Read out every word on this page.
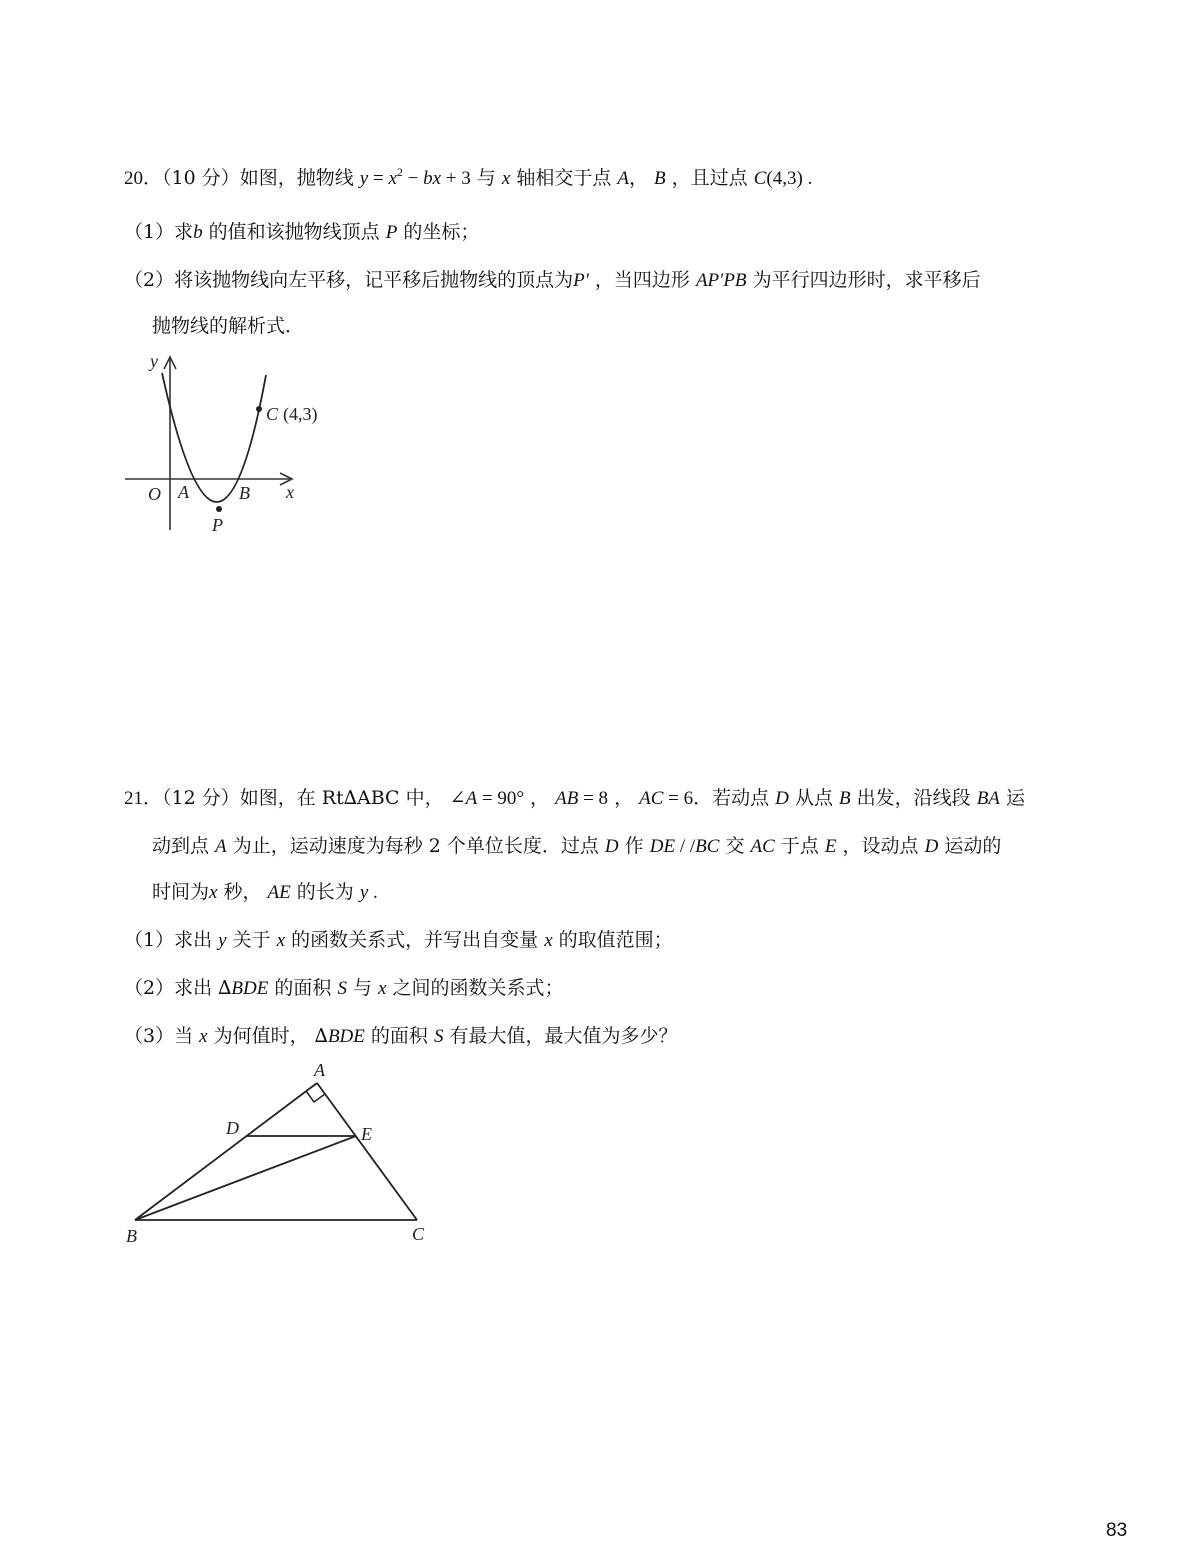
20．（10 分）如图，抛物线 $y = x^2$ − bx + 3 与 x 轴相交于点 A， B ，且过点 C(4,3) .
（1）求b 的值和该抛物线顶点 P 的坐标；
（2）将该抛物线向左平移，记平移后抛物线的顶点为P′ ，当四边形 AP′PB 为平行四边形时，求平移后
抛物线的解析式．
y
x
O A	B
P
C (4,3)
21．（12 分）如图，在 Rt∆ABC 中， ∠A = 90° ， AB = 8 ， AC = 6．若动点 D 从点 B 出发，沿线段 BA 运
动到点 A 为止，运动速度为每秒 2 个单位长度．过点 D 作 DE / /BC 交 AC 于点 E ，设动点 D 运动的
时间为x 秒， AE 的长为 y .
（1）求出 y 关于 x 的函数关系式，并写出自变量 x 的取值范围；
（2）求出 ∆BDE 的面积 S 与 x 之间的函数关系式；
（3）当 x 为何值时， ∆BDE 的面积 S 有最大值，最大值为多少？
A
B	C
D	E
83
